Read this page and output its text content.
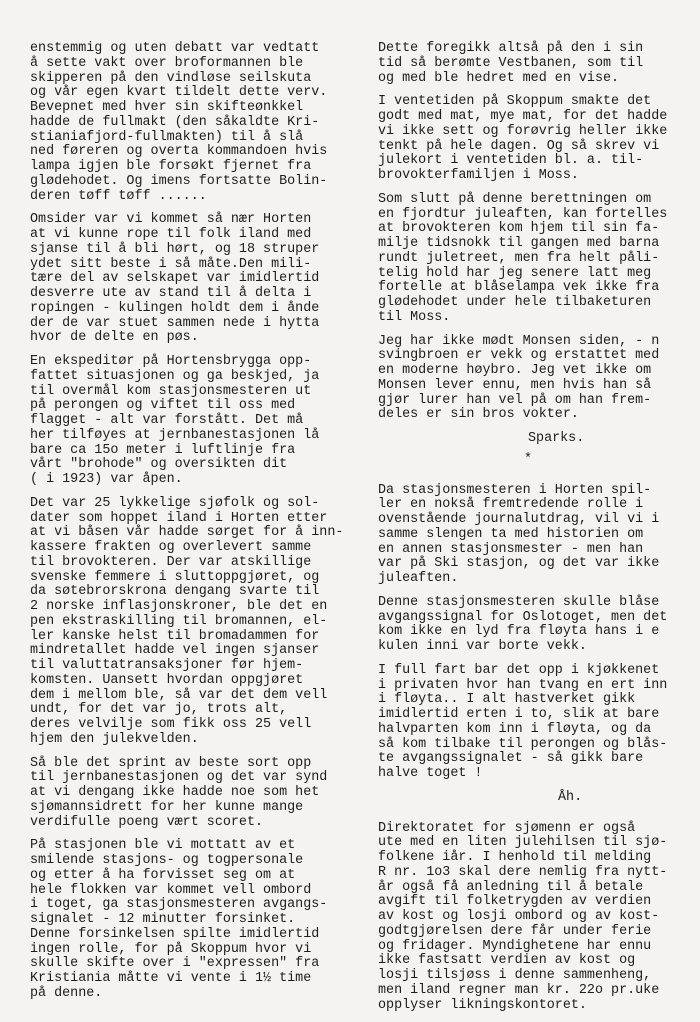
enstemmig og uten debatt var vedtatt
å sette vakt over broformannen ble
skipperen på den vindløse seilskuta
og vår egen kvart tildelt dette verv.
Bevepnet med hver sin skifteønkkel
hadde de fullmakt (den såkaldte Kri-
stianiafjord-fullmakten) til å slå
ned føreren og overta kommandoen hvis
lampa igjen ble forsøkt fjernet fra
glødehodet. Og imens fortsatte Bolin-
deren tøff tøff ......
Omsider var vi kommet så nær Horten
at vi kunne rope til folk iland med
sjanse til å bli hørt, og 18 struper
ydet sitt beste i så måte.Den mili-
tære del av selskapet var imidlertid
desverre ute av stand til å delta i
ropingen - kulingen holdt dem i ånde
der de var stuet sammen nede i hytta
hvor de delte en pøs.
En ekspeditør på Hortensbrygga opp-
fattet situasjonen og ga beskjed, ja
til overmål kom stasjonsmesteren ut
på perongen og viftet til oss med
flagget - alt var forstått. Det må
her tilføyes at jernbanestasjonen lå
bare ca 15o meter i luftlinje fra
vårt "brohode" og oversikten dit
( i 1923) var åpen.
Det var 25 lykkelige sjøfolk og sol-
dater som hoppet iland i Horten etter
at vi båsen vår hadde sørget for å inn-
kassere frakten og overlevert samme
til brovokteren. Der var atskillige
svenske femmere i sluttoppgjøret, og
da søtebrorskrona dengang svarte til
2 norske inflasjonskroner, ble det en
pen ekstraskilling til bromannen, el-
ler kanske helst til bromadammen for
mindretallet hadde vel ingen sjanser
til valuttatransaksjoner før hjem-
komsten. Uansett hvordan oppgjøret
dem i mellom ble, så var det dem vell
undt, for det var jo, trots alt,
deres velvilje som fikk oss 25 vell
hjem den julekvelden.
Så ble det sprint av beste sort opp
til jernbanestasjonen og det var synd
at vi dengang ikke hadde noe som het
sjømannsidrett for her kunne mange
verdifulle poeng vært scoret.
På stasjonen ble vi mottatt av et
smilende stasjons- og togpersonale
og etter å ha forvisset seg om at
hele flokken var kommet vell ombord
i toget, ga stasjonsmesteren avgangs-
signalet - 12 minutter forsinket.
Denne forsinkelsen spilte imidlertid
ingen rolle, for på Skoppum hvor vi
skulle skifte over i "expressen" fra
Kristiania måtte vi vente i 1½ time
på denne.
Dette foregikk altså på den i sin
tid så berømte Vestbanen, som til
og med ble hedret med en vise.
I ventetiden på Skoppum smakte det
godt med mat, mye mat, for det hadde
vi ikke sett og forøvrig heller ikke
tenkt på hele dagen. Og så skrev vi
julekort i ventetiden bl. a. til-
brovokterfamiljen i Moss.
Som slutt på denne berettningen om
en fjordtur juleaften, kan fortelles
at brovokteren kom hjem til sin fa-
milje tidsnokk til gangen med barna
rundt juletreet, men fra helt påli-
telig hold har jeg senere latt meg
fortelle at blåselampa vek ikke fra
glødehodet under hele tilbaketuren
til Moss.
Jeg har ikke mødt Monsen siden, - n
svingbroen er vekk og erstattet med
en moderne høybro. Jeg vet ikke om
Monsen lever ennu, men hvis han så
gjør lurer han vel på om han frem-
deles er sin bros vokter.
Sparks.
*
Da stasjonsmesteren i Horten spil-
ler en nokså fremtredende rolle i
ovenstående journalutdrag, vil vi i
samme slengen ta med historien om
en annen stasjonsmester - men han
var på Ski stasjon, og det var ikke
juleaften.
Denne stasjonsmesteren skulle blåse
avgangssignal for Oslotoget, men det
kom ikke en lyd fra fløyta hans i e
kulen inni var borte vekk.
I full fart bar det opp i kjøkkenet
i privaten hvor han tvang en ert inn
i fløyta.. I alt hastverket gikk
imidlertid erten i to, slik at bare
halvparten kom inn i fløyta, og da
så kom tilbake til perongen og blås-
te avgangssignalet - så gikk bare
halve toget !
Åh.
Direktoratet for sjømenn er også
ute med en liten julehilsen til sjø-
folkene iår. I henhold til melding
R nr. 1o3 skal dere nemlig fra nytt-
år også få anledning til å betale
avgift til folketrygden av verdien
av kost og losji ombord og av kost-
godtgjørelsen dere får under ferie
og fridager. Myndighetene har ennu
ikke fastsatt verdien av kost og
losji tilsjøss i denne sammenheng,
men iland regner man kr. 22o pr.uke
opplyser likningskontoret.
